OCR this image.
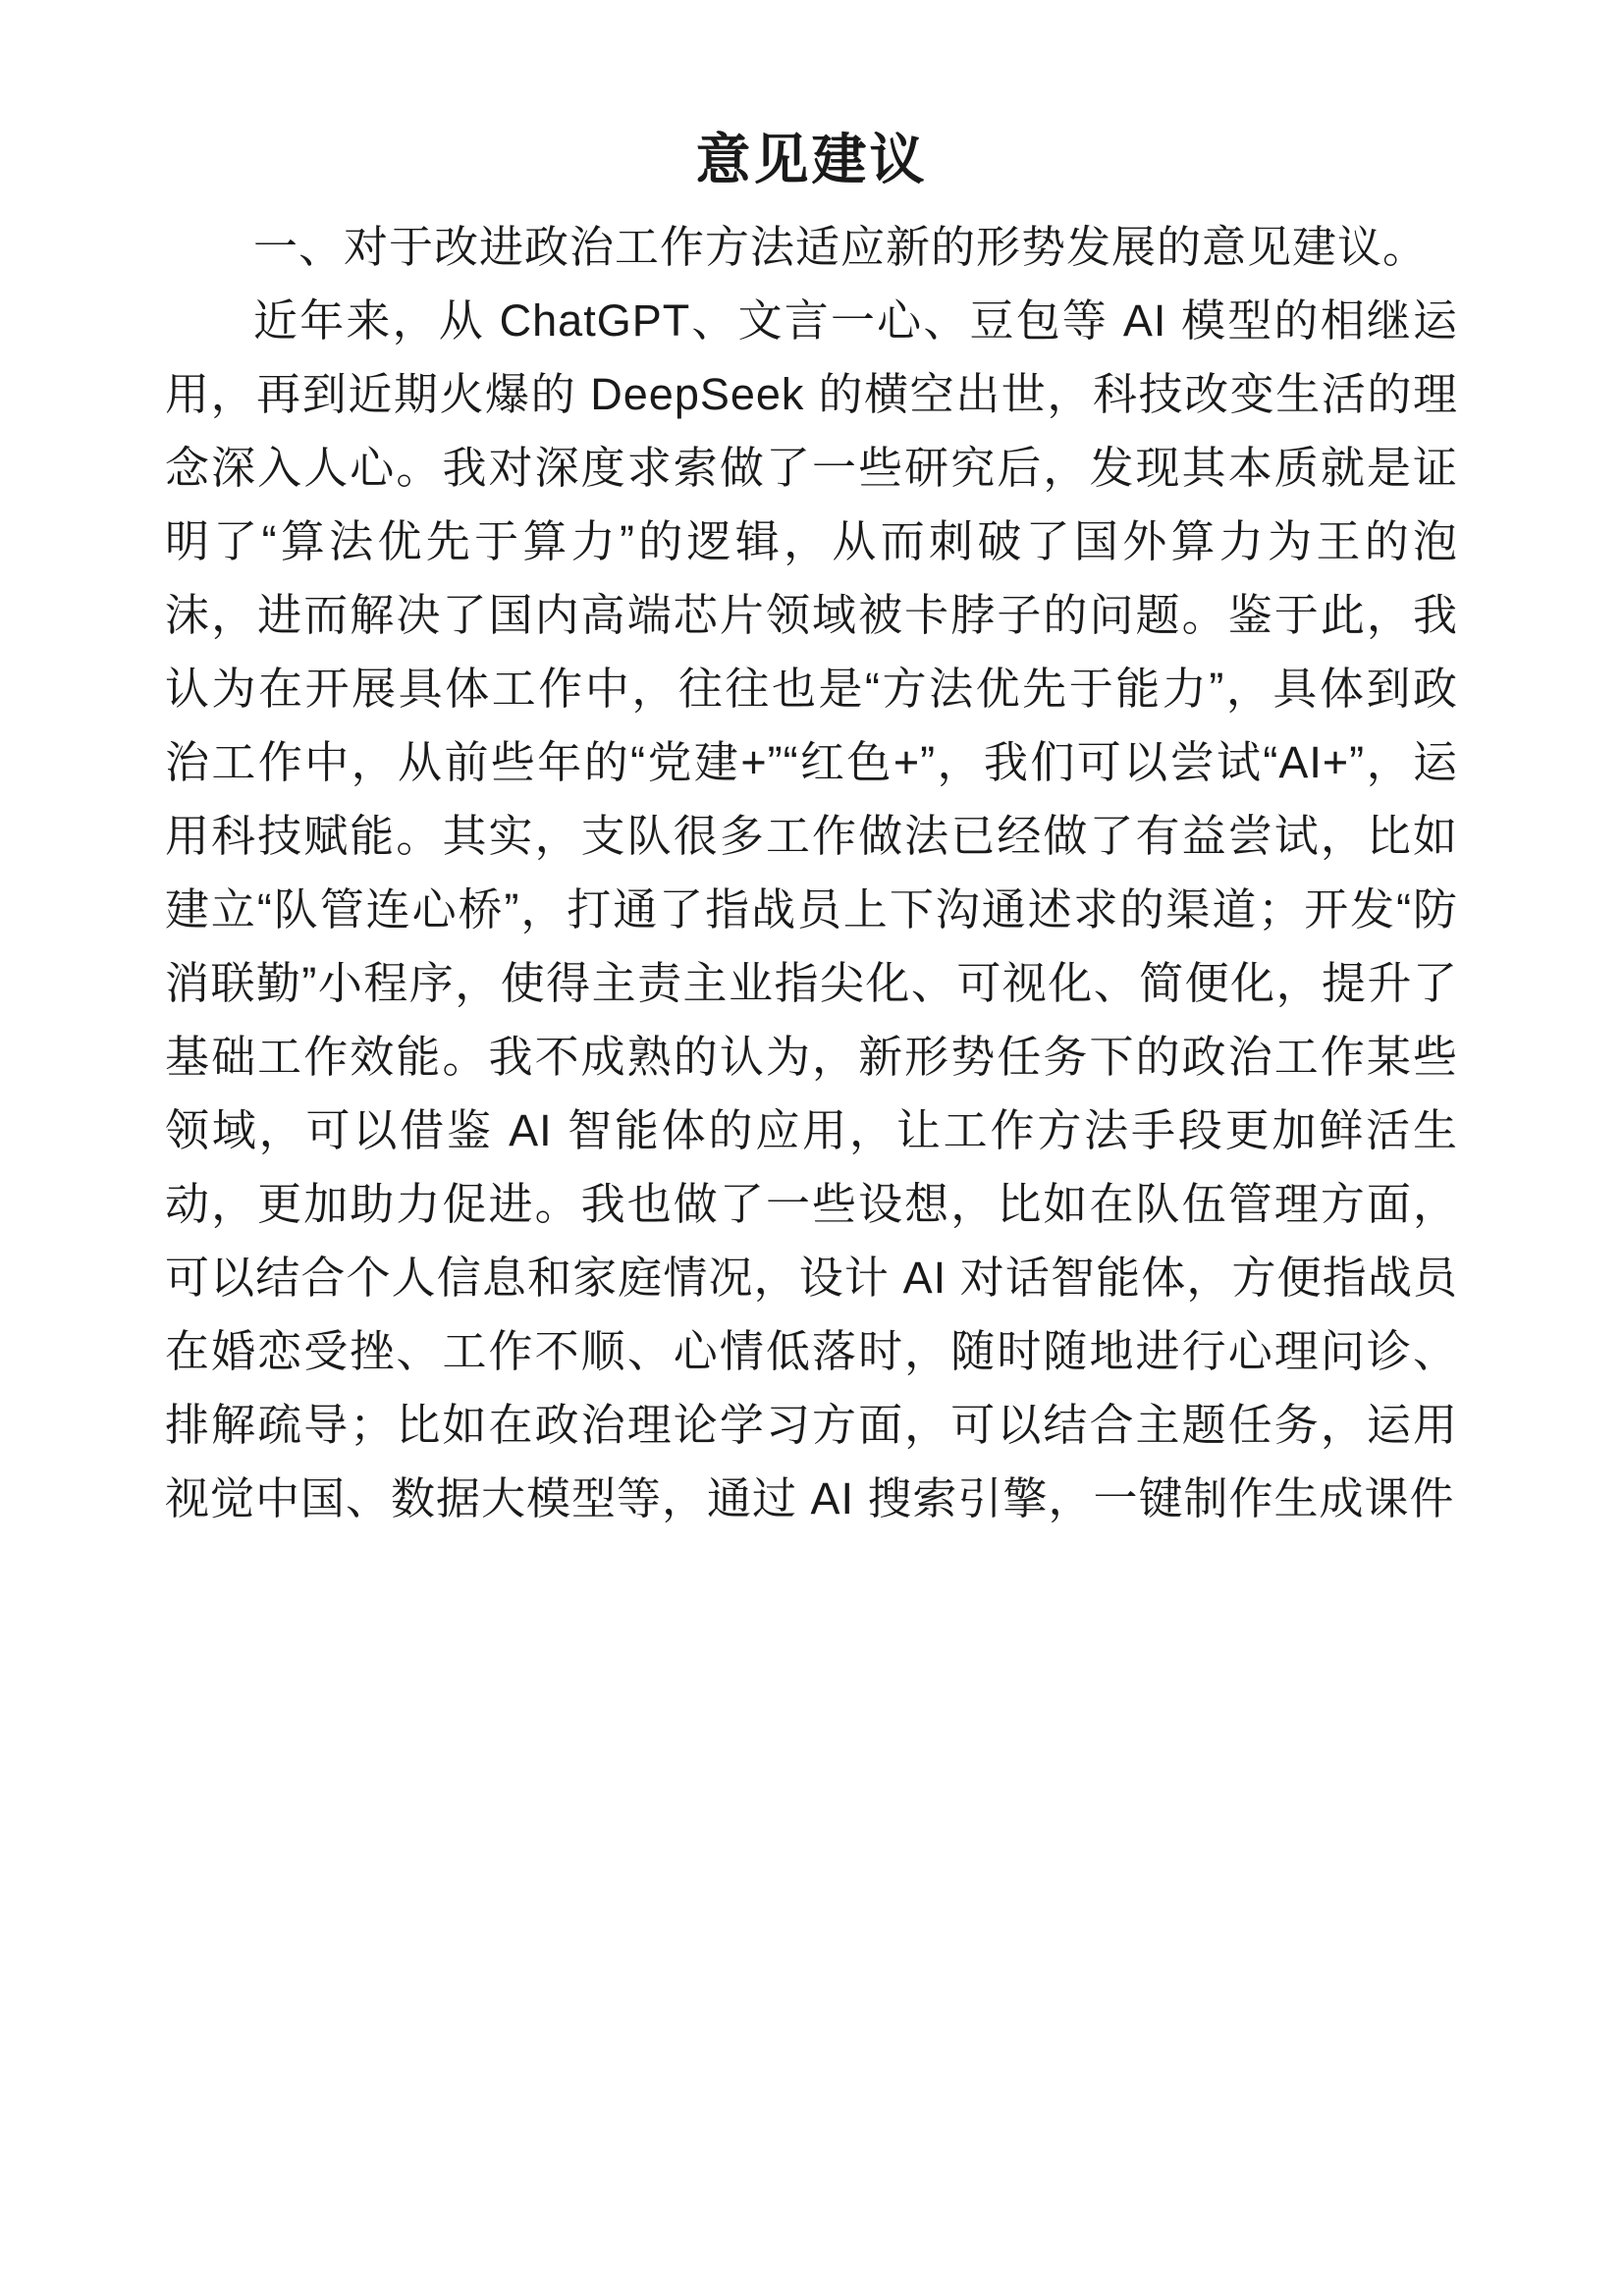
意见建议

一、对于改进政治工作方法适应新的形势发展的意见建议。

近年来，从 ChatGPT、文言一心、豆包等 AI 模型的相继运用，再到近期火爆的 DeepSeek 的横空出世，科技改变生活的理念深入人心。我对深度求索做了一些研究后，发现其本质就是证明了“算法优先于算力”的逻辑，从而刺破了国外算力为王的泡沫，进而解决了国内高端芯片领域被卡脖子的问题。鉴于此，我认为在开展具体工作中，往往也是“方法优先于能力”，具体到政治工作中，从前些年的“党建+”“红色+”，我们可以尝试“AI+”，运用科技赋能。其实，支队很多工作做法已经做了有益尝试，比如建立“队管连心桥”，打通了指战员上下沟通述求的渠道；开发“防消联勤”小程序，使得主责主业指尖化、可视化、简便化，提升了基础工作效能。我不成熟的认为，新形势任务下的政治工作某些领域，可以借鉴 AI 智能体的应用，让工作方法手段更加鲜活生动，更加助力促进。我也做了一些设想，比如在队伍管理方面，可以结合个人信息和家庭情况，设计 AI 对话智能体，方便指战员在婚恋受挫、工作不顺、心情低落时，随时随地进行心理问诊、排解疏导；比如在政治理论学习方面，可以结合主题任务，运用视觉中国、数据大模型等，通过 AI 搜索引擎，一键制作生成课件
